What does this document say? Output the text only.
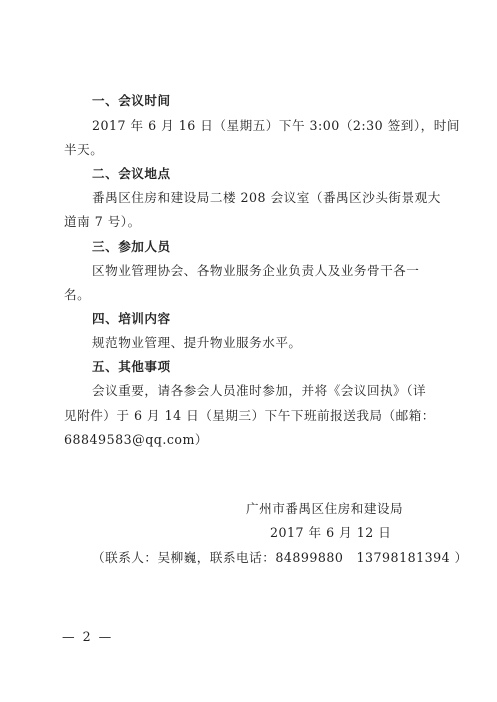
一、会议时间
2017 年 6 月 16 日（星期五）下午 3:00（2:30 签到），时间
半天。
二、会议地点
番禺区住房和建设局二楼 208 会议室（番禺区沙头街景观大
道南 7 号）。
三、参加人员
区物业管理协会、各物业服务企业负责人及业务骨干各一
名。
四、培训内容
规范物业管理、提升物业服务水平。
五、其他事项
会议重要，请各参会人员准时参加，并将《会议回执》（详
见附件）于 6 月 14 日（星期三）下午下班前报送我局（邮箱：
68849583@qq.com）
广州市番禺区住房和建设局
2017 年 6 月 12 日
（联系人：吴柳巍，联系电话：84899880　13798181394 ）
— 2 —
